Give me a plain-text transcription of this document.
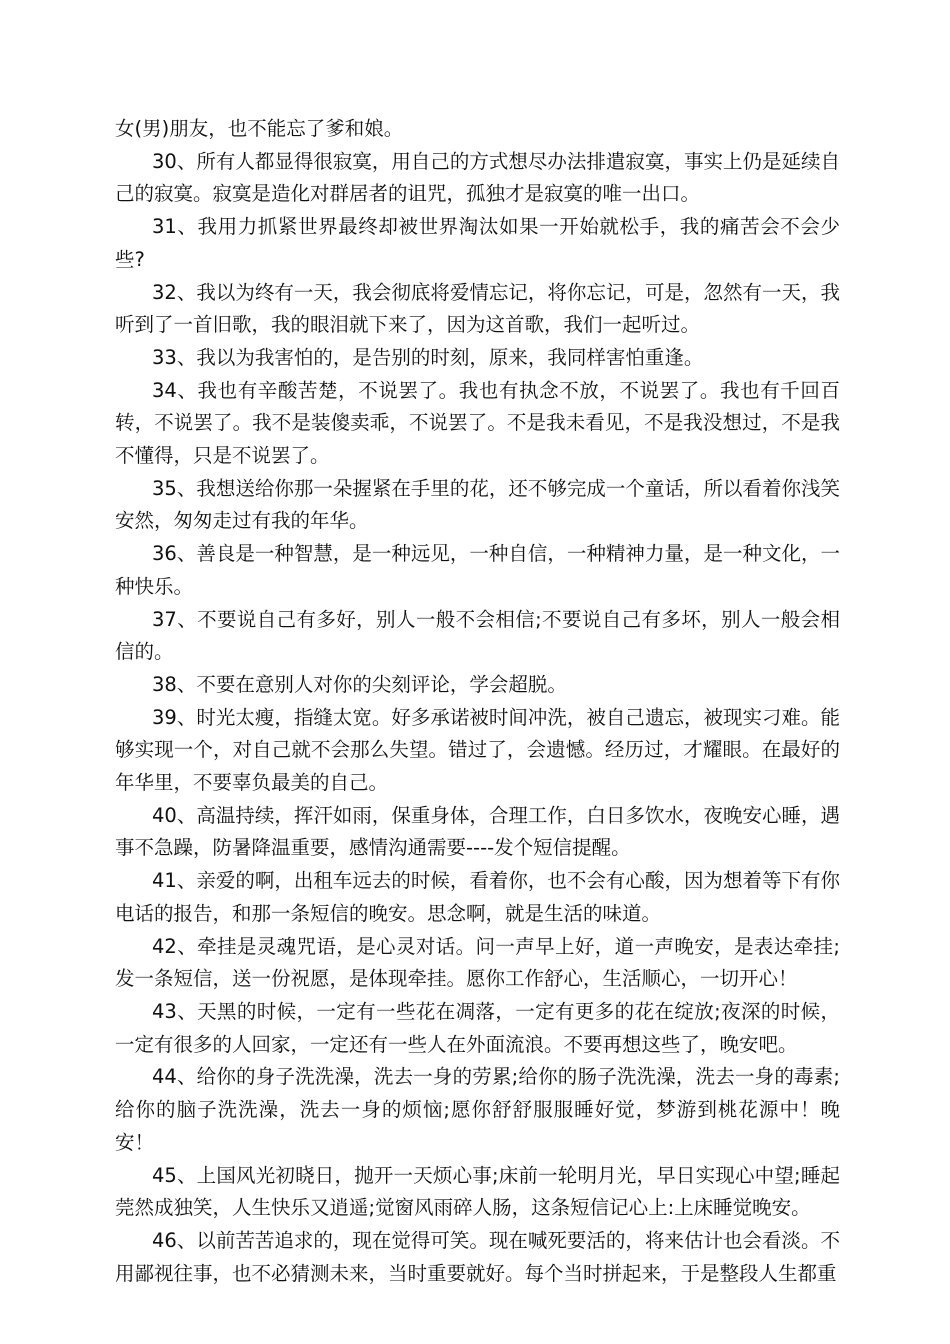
女(男)朋友，也不能忘了爹和娘。

30、所有人都显得很寂寞，用自己的方式想尽办法排遣寂寞，事实上仍是延续自己的寂寞。寂寞是造化对群居者的诅咒，孤独才是寂寞的唯一出口。

31、我用力抓紧世界最终却被世界淘汰如果一开始就松手，我的痛苦会不会少些?

32、我以为终有一天，我会彻底将爱情忘记，将你忘记，可是，忽然有一天，我听到了一首旧歌，我的眼泪就下来了，因为这首歌，我们一起听过。

33、我以为我害怕的，是告别的时刻，原来，我同样害怕重逢。

34、我也有辛酸苦楚，不说罢了。我也有执念不放，不说罢了。我也有千回百转，不说罢了。我不是装傻卖乖，不说罢了。不是我未看见，不是我没想过，不是我不懂得，只是不说罢了。

35、我想送给你那一朵握紧在手里的花，还不够完成一个童话，所以看着你浅笑安然，匆匆走过有我的年华。

36、善良是一种智慧，是一种远见，一种自信，一种精神力量，是一种文化，一种快乐。

37、不要说自己有多好，别人一般不会相信;不要说自己有多坏，别人一般会相信的。

38、不要在意别人对你的尖刻评论，学会超脱。

39、时光太瘦，指缝太宽。好多承诺被时间冲洗，被自己遗忘，被现实刁难。能够实现一个，对自己就不会那么失望。错过了，会遗憾。经历过，才耀眼。在最好的年华里，不要辜负最美的自己。

40、高温持续，挥汗如雨，保重身体，合理工作，白日多饮水，夜晚安心睡，遇事不急躁，防暑降温重要，感情沟通需要----发个短信提醒。

41、亲爱的啊，出租车远去的时候，看着你，也不会有心酸，因为想着等下有你电话的报告，和那一条短信的晚安。思念啊，就是生活的味道。

42、牵挂是灵魂咒语，是心灵对话。问一声早上好，道一声晚安，是表达牵挂;发一条短信，送一份祝愿，是体现牵挂。愿你工作舒心，生活顺心，一切开心！

43、天黑的时候，一定有一些花在凋落，一定有更多的花在绽放;夜深的时候，一定有很多的人回家，一定还有一些人在外面流浪。不要再想这些了，晚安吧。

44、给你的身子洗洗澡，洗去一身的劳累;给你的肠子洗洗澡，洗去一身的毒素;给你的脑子洗洗澡，洗去一身的烦恼;愿你舒舒服服睡好觉，梦游到桃花源中！晚安！

45、上国风光初晓日，抛开一天烦心事;床前一轮明月光，早日实现心中望;睡起莞然成独笑，人生快乐又逍遥;觉窗风雨碎人肠，这条短信记心上:上床睡觉晚安。

46、以前苦苦追求的，现在觉得可笑。现在喊死要活的，将来估计也会看淡。不用鄙视往事，也不必猜测未来，当时重要就好。每个当时拼起来，于是整段人生都重
